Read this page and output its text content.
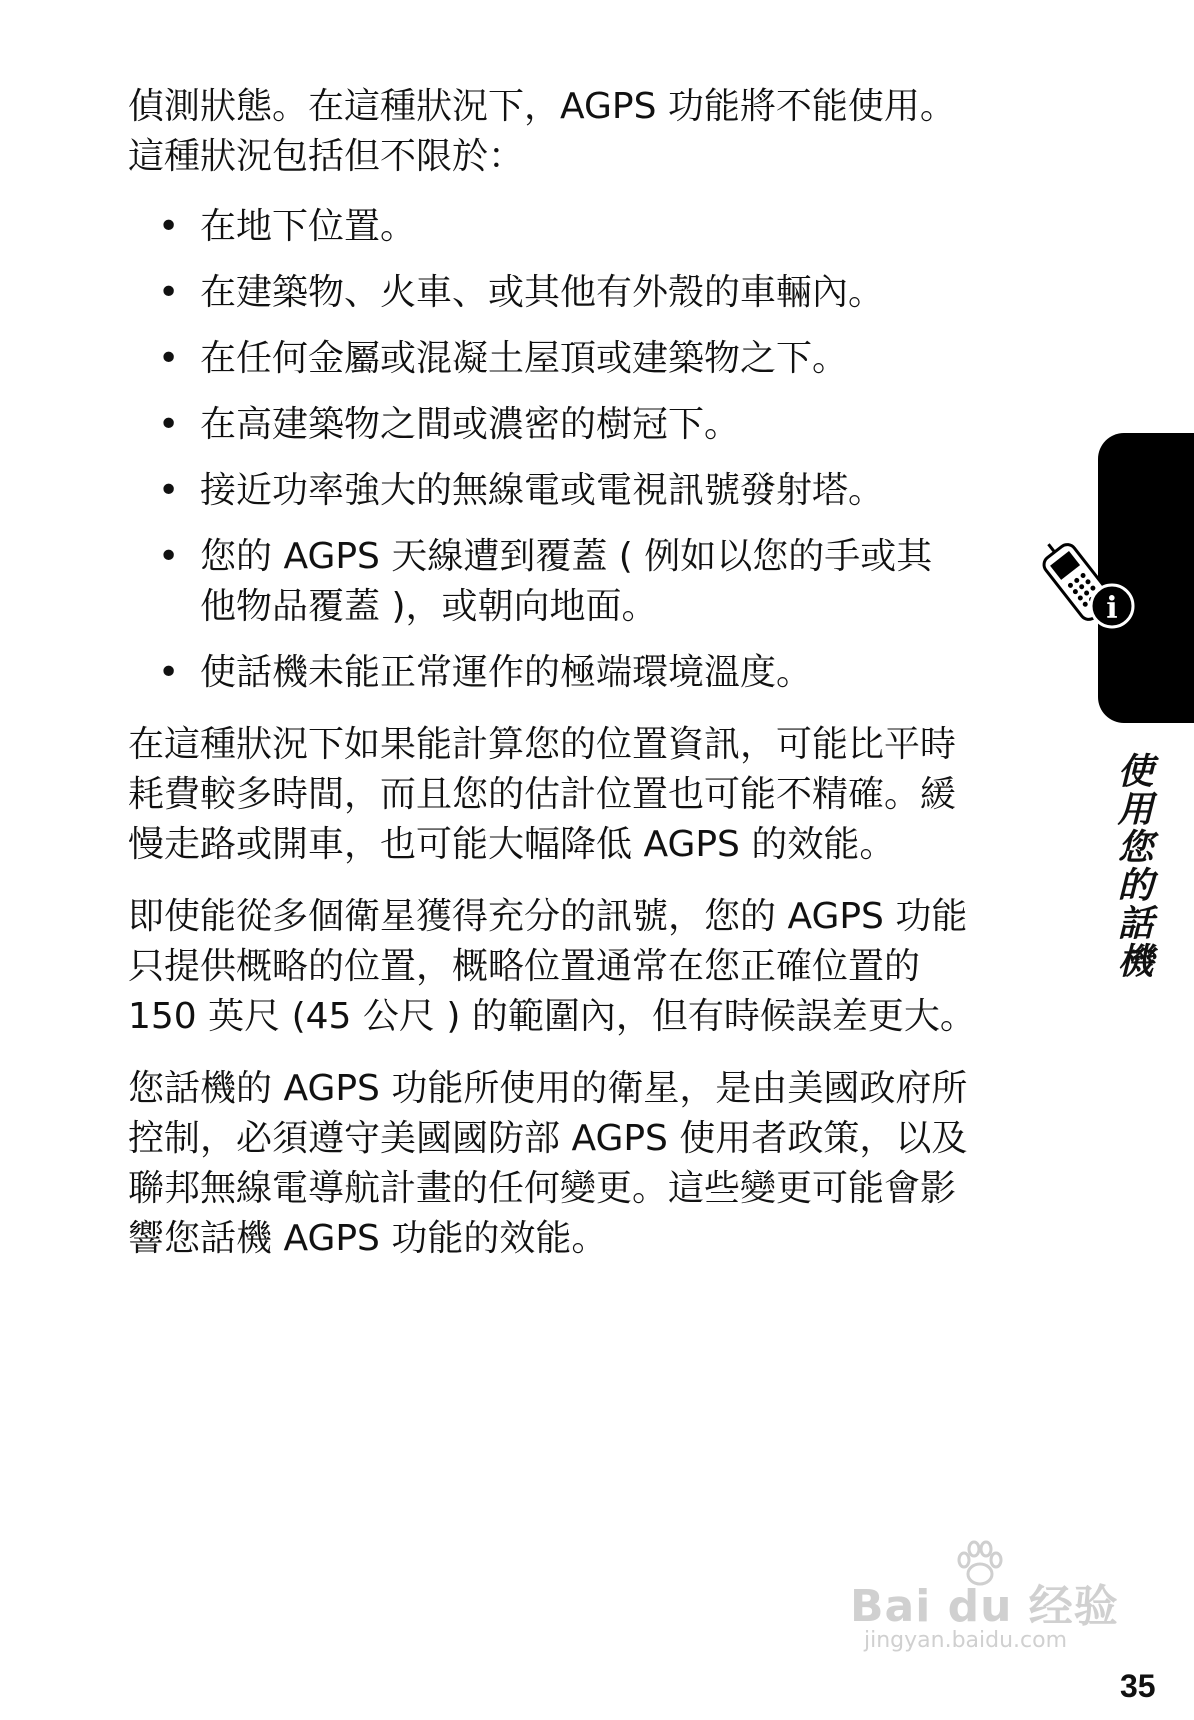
偵測狀態。在這種狀況下，AGPS 功能將不能使用。
這種狀況包括但不限於：

• 在地下位置。
• 在建築物、火車、或其他有外殼的車輛內。
• 在任何金屬或混凝土屋頂或建築物之下。
• 在高建築物之間或濃密的樹冠下。
• 接近功率強大的無線電或電視訊號發射塔。
• 您的 AGPS 天線遭到覆蓋 ( 例如以您的手或其
他物品覆蓋 )，或朝向地面。
• 使話機未能正常運作的極端環境溫度。

在這種狀況下如果能計算您的位置資訊，可能比平時
耗費較多時間，而且您的估計位置也可能不精確。緩
慢走路或開車，也可能大幅降低 AGPS 的效能。

即使能從多個衛星獲得充分的訊號，您的 AGPS 功能
只提供概略的位置，概略位置通常在您正確位置的
150 英尺 (45 公尺 ) 的範圍內，但有時候誤差更大。

您話機的 AGPS 功能所使用的衛星，是由美國政府所
控制，必須遵守美國國防部 AGPS 使用者政策，以及
聯邦無線電導航計畫的任何變更。這些變更可能會影
響您話機 AGPS 功能的效能。

i
使用您的話機
Bai du 经验
jingyan.baidu.com
35
